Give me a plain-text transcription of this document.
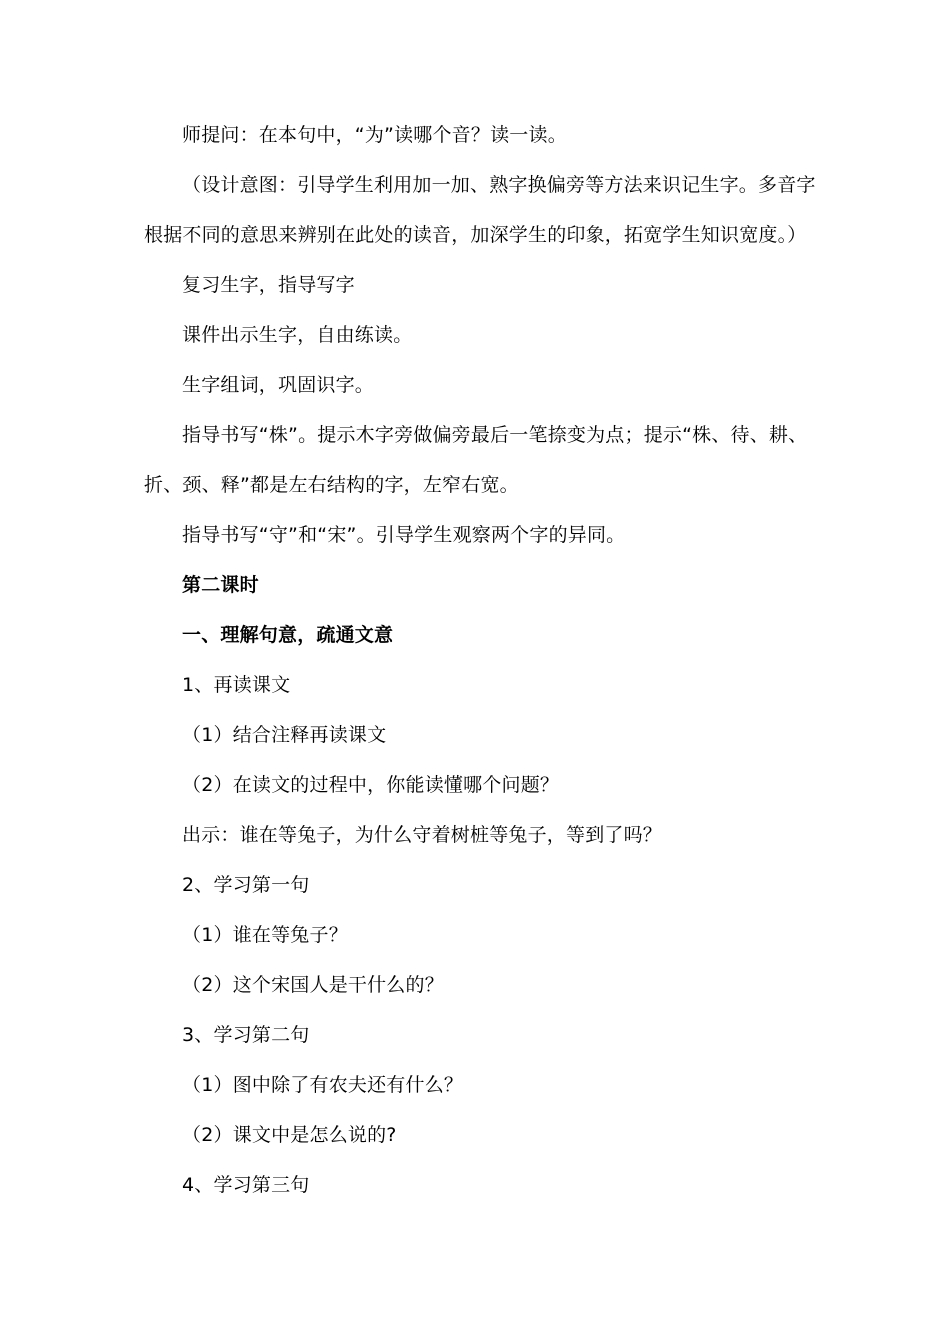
师提问：在本句中，“为”读哪个音？读一读。
（设计意图：引导学生利用加一加、熟字换偏旁等方法来识记生字。多音字
根据不同的意思来辨别在此处的读音，加深学生的印象，拓宽学生知识宽度。）
复习生字，指导写字
课件出示生字，自由练读。
生字组词，巩固识字。
指导书写“株”。提示木字旁做偏旁最后一笔捺变为点；提示“株、待、耕、
折、颈、释”都是左右结构的字，左窄右宽。
指导书写“守”和“宋”。引导学生观察两个字的异同。
第二课时
一、理解句意，疏通文意
1、再读课文
（1）结合注释再读课文
（2）在读文的过程中，你能读懂哪个问题？
出示：谁在等兔子，为什么守着树桩等兔子，等到了吗？
2、学习第一句
（1）谁在等兔子？
（2）这个宋国人是干什么的？
3、学习第二句
（1）图中除了有农夫还有什么？
（2）课文中是怎么说的?
4、学习第三句
